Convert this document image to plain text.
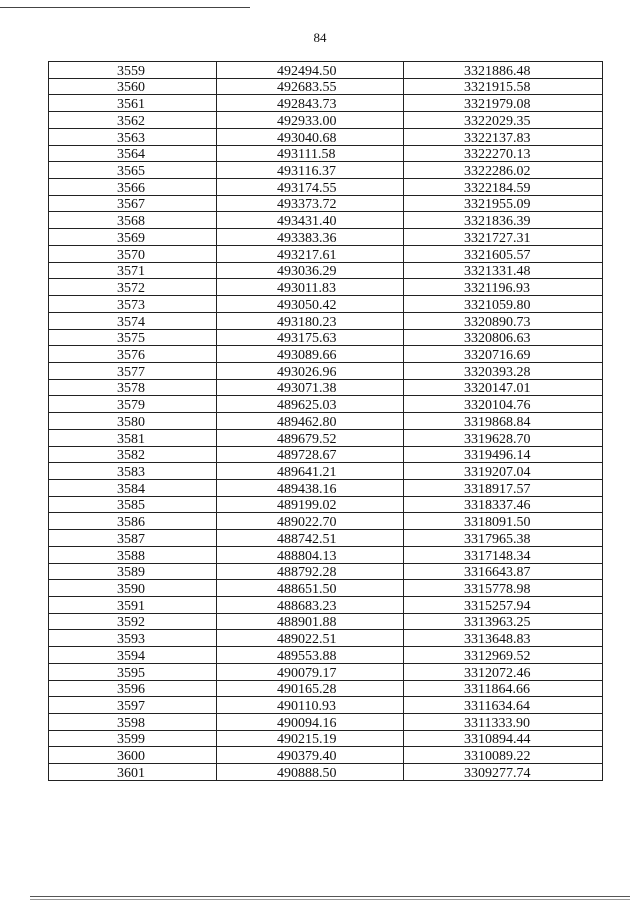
84
3559	492494.50	3321886.48
3560	492683.55	3321915.58
3561	492843.73	3321979.08
3562	492933.00	3322029.35
3563	493040.68	3322137.83
3564	493111.58	3322270.13
3565	493116.37	3322286.02
3566	493174.55	3322184.59
3567	493373.72	3321955.09
3568	493431.40	3321836.39
3569	493383.36	3321727.31
3570	493217.61	3321605.57
3571	493036.29	3321331.48
3572	493011.83	3321196.93
3573	493050.42	3321059.80
3574	493180.23	3320890.73
3575	493175.63	3320806.63
3576	493089.66	3320716.69
3577	493026.96	3320393.28
3578	493071.38	3320147.01
3579	489625.03	3320104.76
3580	489462.80	3319868.84
3581	489679.52	3319628.70
3582	489728.67	3319496.14
3583	489641.21	3319207.04
3584	489438.16	3318917.57
3585	489199.02	3318337.46
3586	489022.70	3318091.50
3587	488742.51	3317965.38
3588	488804.13	3317148.34
3589	488792.28	3316643.87
3590	488651.50	3315778.98
3591	488683.23	3315257.94
3592	488901.88	3313963.25
3593	489022.51	3313648.83
3594	489553.88	3312969.52
3595	490079.17	3312072.46
3596	490165.28	3311864.66
3597	490110.93	3311634.64
3598	490094.16	3311333.90
3599	490215.19	3310894.44
3600	490379.40	3310089.22
3601	490888.50	3309277.74
